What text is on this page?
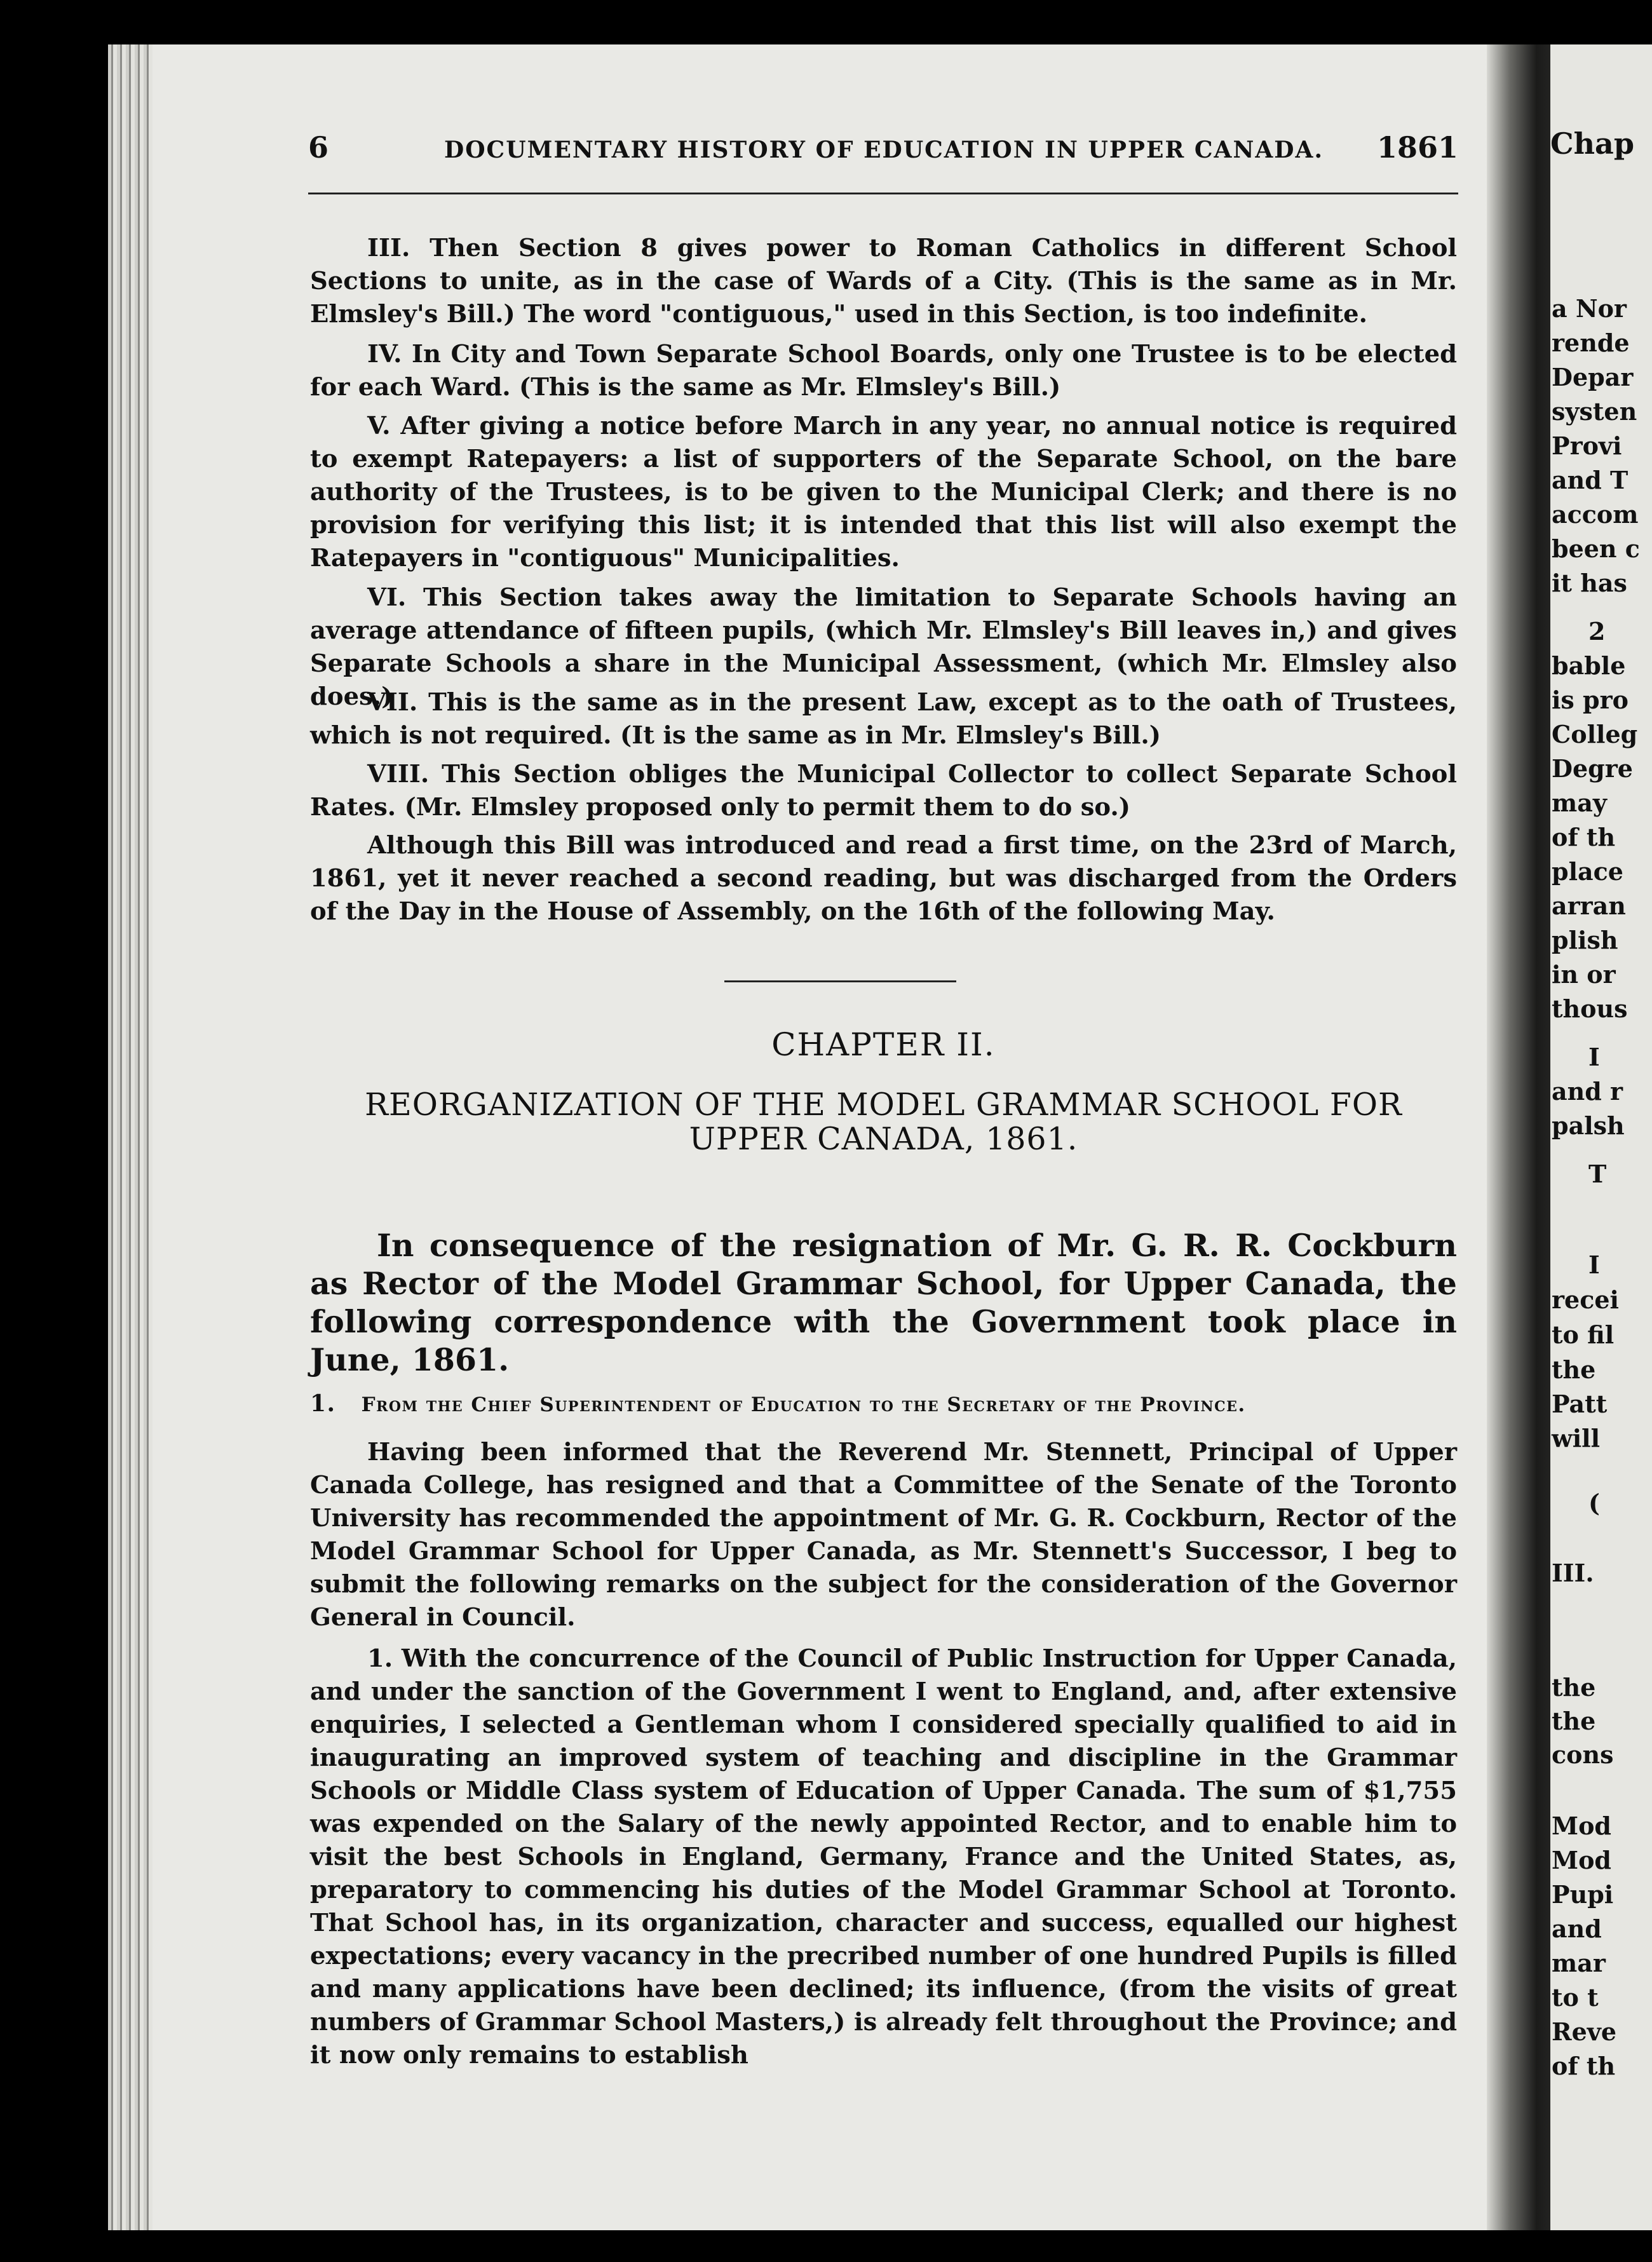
Chap
a Nor
rende
Depar
systen
Provi
and T
accom
been c
it has
2
bable
is pro
Colleg
Degre
may
of th
place
arran
plish
in or
thous
I
and r
palsh
T
I
recei
to fil
the
Patt
will
(
III.
the
the
cons
Mod
Mod
Pupi
and
mar
to t
Reve
of th
6	DOCUMENTARY HISTORY OF EDUCATION IN UPPER CANADA.	1861

III. Then Section 8 gives power to Roman Catholics in different School Sections to unite, as in the case of Wards of a City. (This is the same as in Mr. Elmsley's Bill.) The word "contiguous," used in this Section, is too indefinite.

IV. In City and Town Separate School Boards, only one Trustee is to be elected for each Ward. (This is the same as Mr. Elmsley's Bill.)

V. After giving a notice before March in any year, no annual notice is required to exempt Ratepayers: a list of supporters of the Separate School, on the bare authority of the Trustees, is to be given to the Municipal Clerk; and there is no provision for verifying this list; it is intended that this list will also exempt the Ratepayers in "contiguous" Municipalities.

VI. This Section takes away the limitation to Separate Schools having an average attendance of fifteen pupils, (which Mr. Elmsley's Bill leaves in,) and gives Separate Schools a share in the Municipal Assessment, (which Mr. Elmsley also does.)

VII. This is the same as in the present Law, except as to the oath of Trustees, which is not required. (It is the same as in Mr. Elmsley's Bill.)

VIII. This Section obliges the Municipal Collector to collect Separate School Rates. (Mr. Elmsley proposed only to permit them to do so.)

Although this Bill was introduced and read a first time, on the 23rd of March, 1861, yet it never reached a second reading, but was discharged from the Orders of the Day in the House of Assembly, on the 16th of the following May.

CHAPTER II.
REORGANIZATION OF THE MODEL GRAMMAR SCHOOL FOR
UPPER CANADA, 1861.

In consequence of the resignation of Mr. G. R. R. Cockburn as Rector of the Model Grammar School, for Upper Canada, the following correspondence with the Government took place in June, 1861.

1. From the Chief Superintendent of Education to the Secretary of the Province.

Having been informed that the Reverend Mr. Stennett, Principal of Upper Canada College, has resigned and that a Committee of the Senate of the Toronto University has recommended the appointment of Mr. G. R. Cockburn, Rector of the Model Grammar School for Upper Canada, as Mr. Stennett's Successor, I beg to submit the following remarks on the subject for the consideration of the Governor General in Council.

1. With the concurrence of the Council of Public Instruction for Upper Canada, and under the sanction of the Government I went to England, and, after extensive enquiries, I selected a Gentleman whom I considered specially qualified to aid in inaugurating an improved system of teaching and discipline in the Grammar Schools or Middle Class system of Education of Upper Canada. The sum of $1,755 was expended on the Salary of the newly appointed Rector, and to enable him to visit the best Schools in England, Germany, France and the United States, as, preparatory to commencing his duties of the Model Grammar School at Toronto. That School has, in its organization, character and success, equalled our highest expectations; every vacancy in the precribed number of one hundred Pupils is filled and many applications have been declined; its influence, (from the visits of great numbers of Grammar School Masters,) is already felt throughout the Province; and it now only remains to establish
